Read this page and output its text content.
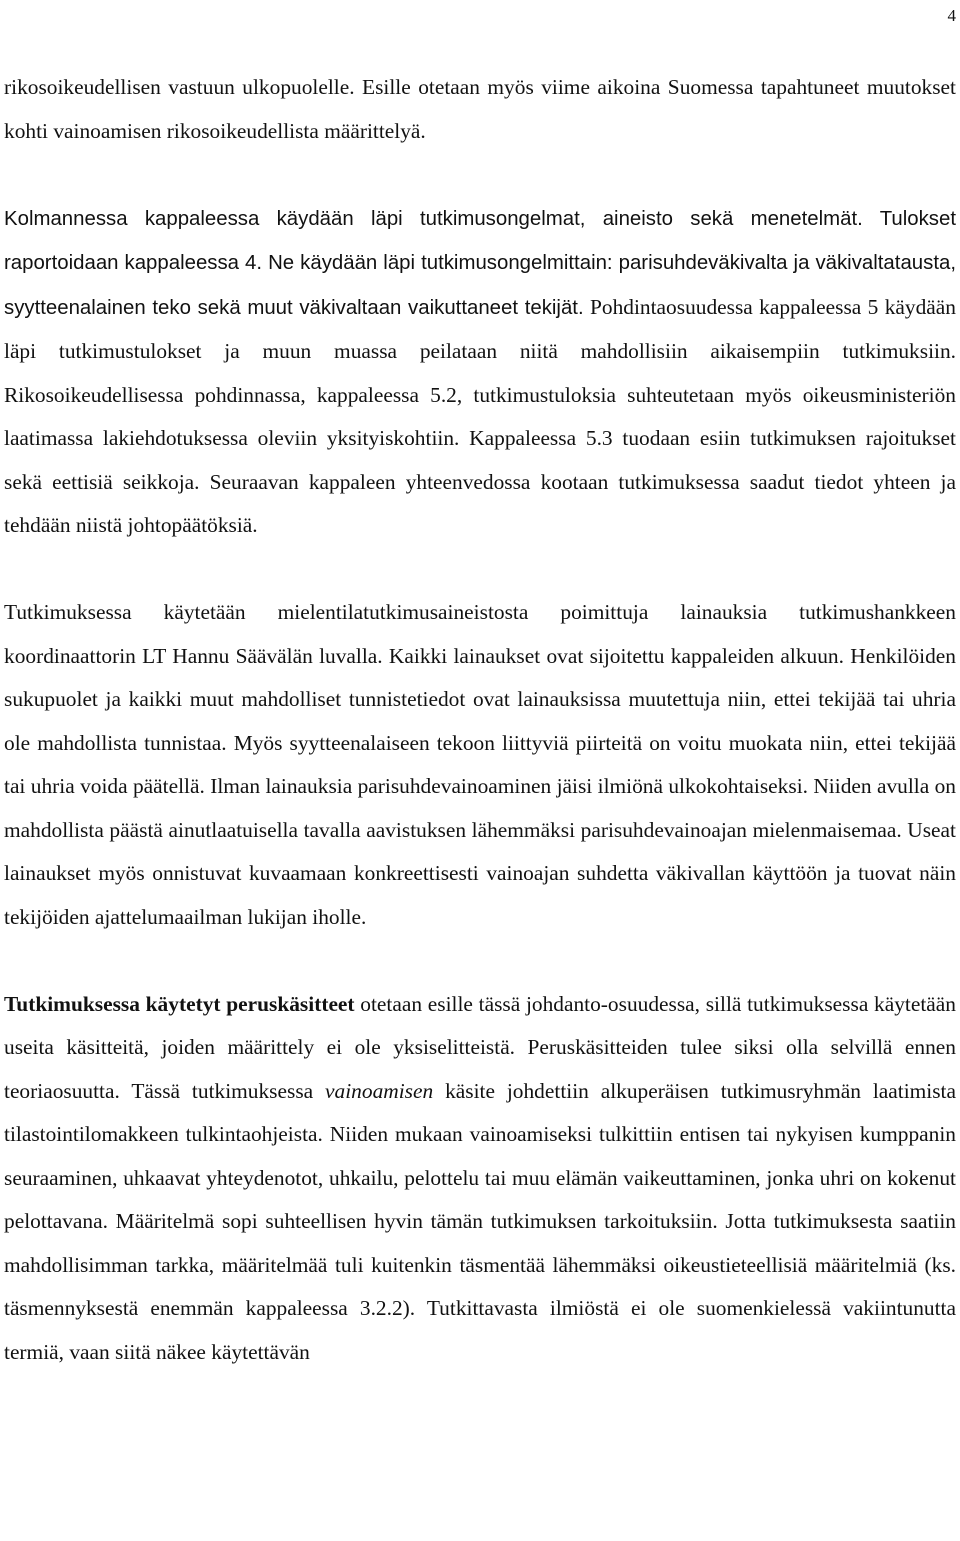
4

rikosoikeudellisen vastuun ulkopuolelle. Esille otetaan myös viime aikoina Suomessa tapahtuneet muutokset kohti vainoamisen rikosoikeudellista määrittelyä.

Kolmannessa kappaleessa käydään läpi tutkimusongelmat, aineisto sekä menetelmät. Tulokset raportoidaan kappaleessa 4. Ne käydään läpi tutkimusongelmittain: parisuhdeväkivalta ja väkivaltatausta, syytteenalainen teko sekä muut väkivaltaan vaikuttaneet tekijät. Pohdintaosuudessa kappaleessa 5 käydään läpi tutkimustulokset ja muun muassa peilataan niitä mahdollisiin aikaisempiin tutkimuksiin. Rikosoikeudellisessa pohdinnassa, kappaleessa 5.2, tutkimustuloksia suhteutetaan myös oikeusministeriön laatimassa lakiehdotuksessa oleviin yksityiskohtiin. Kappaleessa 5.3 tuodaan esiin tutkimuksen rajoitukset sekä eettisiä seikkoja. Seuraavan kappaleen yhteenvedossa kootaan tutkimuksessa saadut tiedot yhteen ja tehdään niistä johtopäätöksiä.

Tutkimuksessa käytetään mielentilatutkimusaineistosta poimittuja lainauksia tutkimushankkeen koordinaattorin LT Hannu Säävälän luvalla. Kaikki lainaukset ovat sijoitettu kappaleiden alkuun. Henkilöiden sukupuolet ja kaikki muut mahdolliset tunnistetiedot ovat lainauksissa muutettuja niin, ettei tekijää tai uhria ole mahdollista tunnistaa. Myös syytteenalaiseen tekoon liittyviä piirteitä on voitu muokata niin, ettei tekijää tai uhria voida päätellä. Ilman lainauksia parisuhdevainoaminen jäisi ilmiönä ulkokohtaiseksi. Niiden avulla on mahdollista päästä ainutlaatuisella tavalla aavistuksen lähemmäksi parisuhdevainoajan mielenmaisemaa. Useat lainaukset myös onnistuvat kuvaamaan konkreettisesti vainoajan suhdetta väkivallan käyttöön ja tuovat näin tekijöiden ajattelumaailman lukijan iholle.

Tutkimuksessa käytetyt peruskäsitteet otetaan esille tässä johdanto-osuudessa, sillä tutkimuksessa käytetään useita käsitteitä, joiden määrittely ei ole yksiselitteistä. Peruskäsitteiden tulee siksi olla selvillä ennen teoriaosuutta. Tässä tutkimuksessa vainoamisen käsite johdettiin alkuperäisen tutkimusryhmän laatimista tilastointilomakkeen tulkintaohjeista. Niiden mukaan vainoamiseksi tulkittiin entisen tai nykyisen kumppanin seuraaminen, uhkaavat yhteydenotot, uhkailu, pelottelu tai muu elämän vaikeuttaminen, jonka uhri on kokenut pelottavana. Määritelmä sopi suhteellisen hyvin tämän tutkimuksen tarkoituksiin. Jotta tutkimuksesta saatiin mahdollisimman tarkka, määritelmää tuli kuitenkin täsmentää lähemmäksi oikeustieteellisiä määritelmiä (ks. täsmennyksestä enemmän kappaleessa 3.2.2). Tutkittavasta ilmiöstä ei ole suomenkielessä vakiintunutta termiä, vaan siitä näkee käytettävän
